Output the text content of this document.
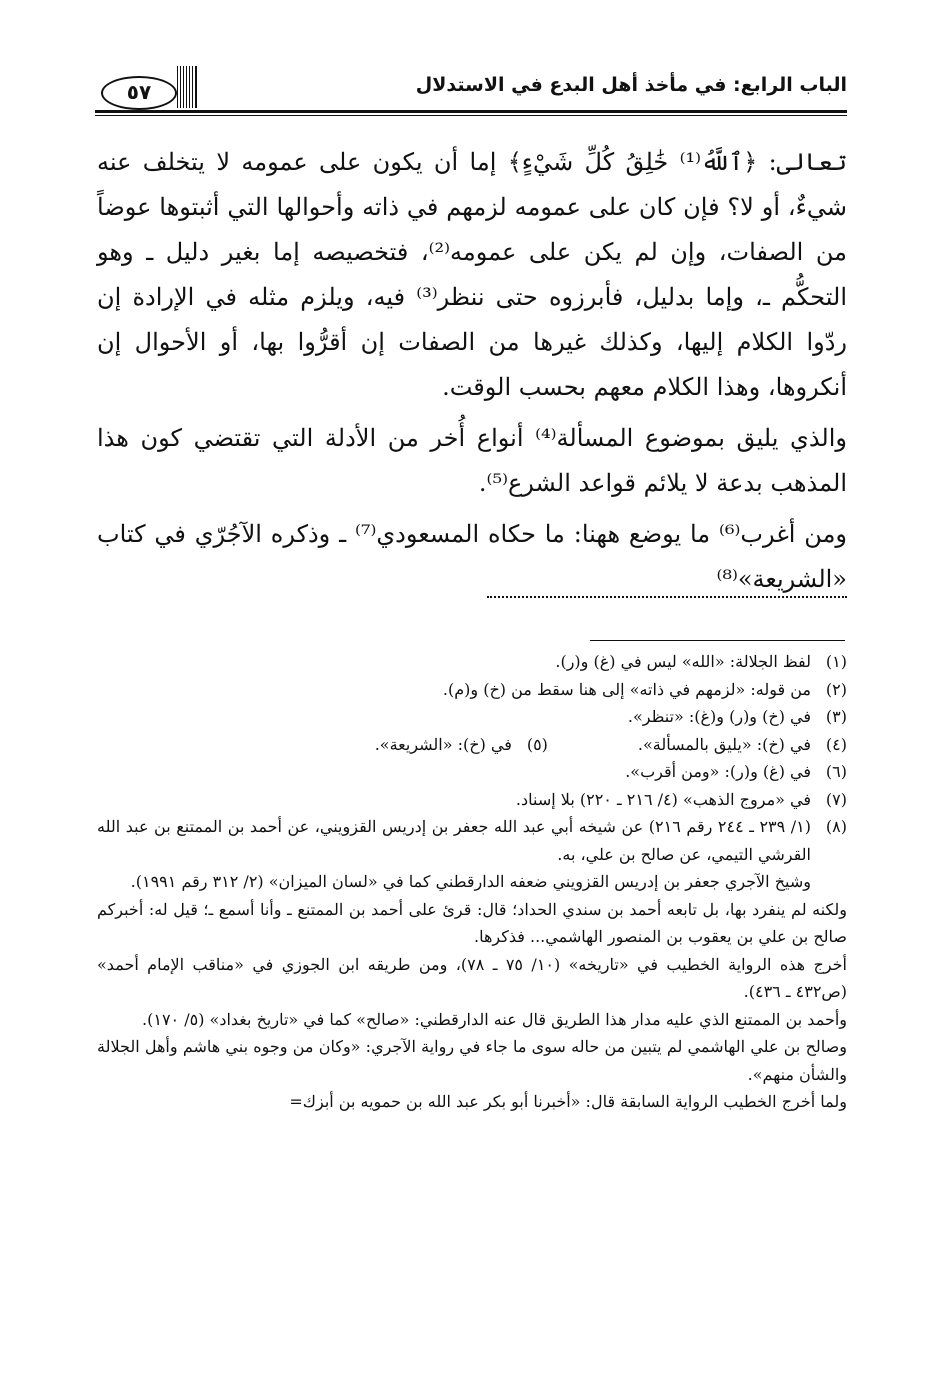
الباب الرابع: في مأخذ أهل البدع في الاستدلال
٥٧

تعالى: ﴿ٱللَّهُ⁽¹⁾ خَٰلِقُ كُلِّ شَيْءٍ﴾ إما أن يكون على عمومه لا يتخلف عنه شيءٌ، أو لا؟ فإن كان على عمومه لزمهم في ذاته وأحوالها التي أثبتوها عوضاً من الصفات، وإن لم يكن على عمومه⁽²⁾، فتخصيصه إما بغير دليل ـ وهو التحكُّم ـ، وإما بدليل، فأبرزوه حتى ننظر⁽³⁾ فيه، ويلزم مثله في الإرادة إن ردّوا الكلام إليها، وكذلك غيرها من الصفات إن أقرُّوا بها، أو الأحوال إن أنكروها، وهذا الكلام معهم بحسب الوقت.

والذي يليق بموضوع المسألة⁽⁴⁾ أنواع أُخر من الأدلة التي تقتضي كون هذا المذهب بدعة لا يلائم قواعد الشرع⁽⁵⁾.

ومن أغرب⁽⁶⁾ ما يوضع ههنا: ما حكاه المسعودي⁽⁷⁾ ـ وذكره الآجُرّي في كتاب «الشريعة»⁽⁸⁾

(١)
لفظ الجلالة: «الله» ليس في (غ) و(ر).
(٢)
من قوله: «لزمهم في ذاته» إلى هنا سقط من (خ) و(م).
(٣)
في (خ) و(ر) و(غ): «تنظر».
(٤)
في (خ): «يليق بالمسألة».
(٥)
في (خ): «الشريعة».
(٦)
في (غ) و(ر): «ومن أقرب».
(٧)
في «مروج الذهب» (٤/ ٢١٦ ـ ٢٢٠) بلا إسناد.
(٨)
(١/ ٢٣٩ ـ ٢٤٤ رقم ٢١٦) عن شيخه أبي عبد الله جعفر بن إدريس القزويني، عن أحمد بن الممتنع بن عبد الله القرشي التيمي، عن صالح بن علي، به.
وشيخ الآجري جعفر بن إدريس القزويني ضعفه الدارقطني كما في «لسان الميزان» (٢/ ٣١٢ رقم ١٩٩١).
ولكنه لم ينفرد بها، بل تابعه أحمد بن سندي الحداد؛ قال: قرئ على أحمد بن الممتنع ـ وأنا أسمع ـ؛ قيل له: أخبركم صالح بن علي بن يعقوب بن المنصور الهاشمي... فذكرها.
أخرج هذه الرواية الخطيب في «تاريخه» (١٠/ ٧٥ ـ ٧٨)، ومن طريقه ابن الجوزي في «مناقب الإمام أحمد» (ص٤٣٢ ـ ٤٣٦).
وأحمد بن الممتنع الذي عليه مدار هذا الطريق قال عنه الدارقطني: «صالح» كما في «تاريخ بغداد» (٥/ ١٧٠).
وصالح بن علي الهاشمي لم يتبين من حاله سوى ما جاء في رواية الآجري: «وكان من وجوه بني هاشم وأهل الجلالة والشأن منهم».
ولما أخرج الخطيب الرواية السابقة قال: «أخبرنا أبو بكر عبد الله بن حمويه بن أبزك=
